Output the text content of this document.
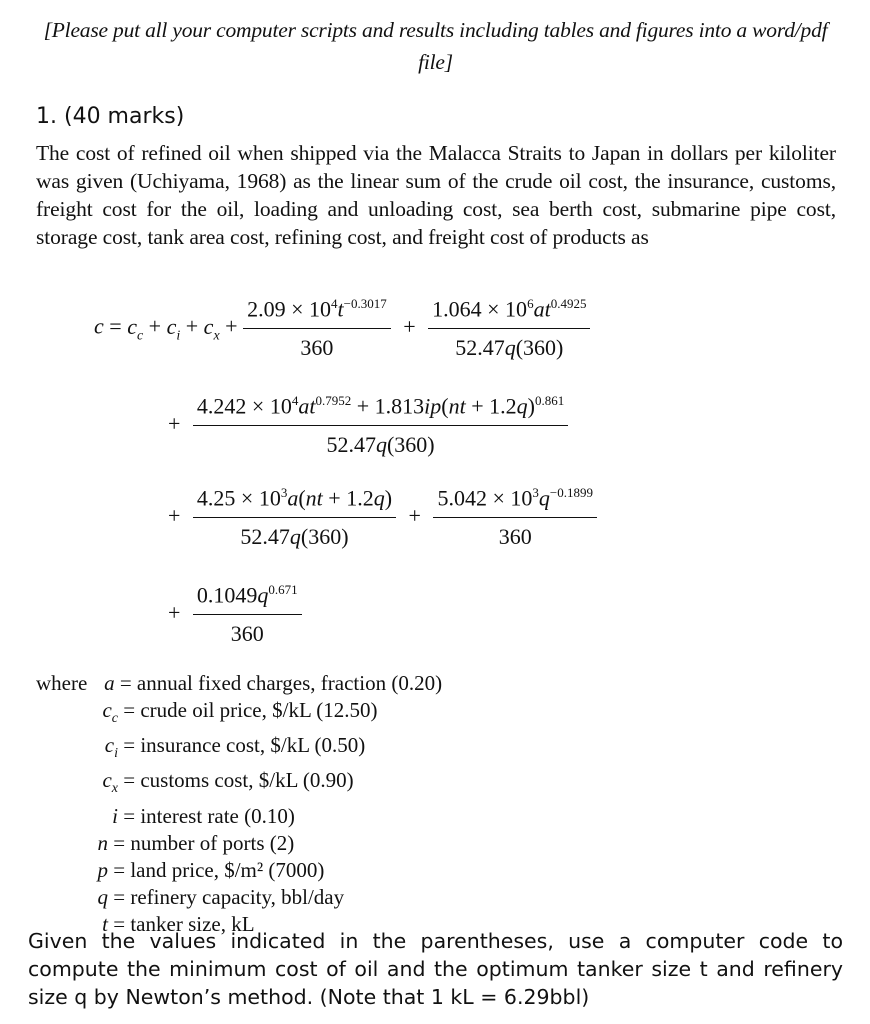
[Please put all your computer scripts and results including tables and figures into a word/pdf file]
1. (40 marks)
The cost of refined oil when shipped via the Malacca Straits to Japan in dollars per kiloliter was given (Uchiyama, 1968) as the linear sum of the crude oil cost, the insurance, customs, freight cost for the oil, loading and unloading cost, sea berth cost, submarine pipe cost, storage cost, tank area cost, refining cost, and freight cost of products as
$c = c_c + c_i + c_x + \frac{2.09 \times 10^4t^{-0.3017}}{360} + \frac{1.064 \times 10^6at^{0.4925}}{52.47q(360)}$
+ $\frac{4.242 \times 10^4at^{0.7952} + 1.813ip(nt + 1.2q)^{0.861}}{52.47q(360)}$
+ $\frac{4.25 \times 10^3a(nt + 1.2q)}{52.47q(360)} + \frac{5.042 \times 10^3q^{-0.1899}}{360}$
+ $\frac{0.1049q^{0.671}}{360}$
where a = annual fixed charges, fraction (0.20)
$c_c$ = crude oil price, $/kL (12.50)
$c_i$ = insurance cost, $/kL (0.50)
$c_x$ = customs cost, $/kL (0.90)
i = interest rate (0.10)
n = number of ports (2)
p = land price, $/m² (7000)
q = refinery capacity, bbl/day
t = tanker size, kL
Given the values indicated in the parentheses, use a computer code to compute the minimum cost of oil and the optimum tanker size t and refinery size q by Newton’s method. (Note that 1 kL = 6.29bbl)
